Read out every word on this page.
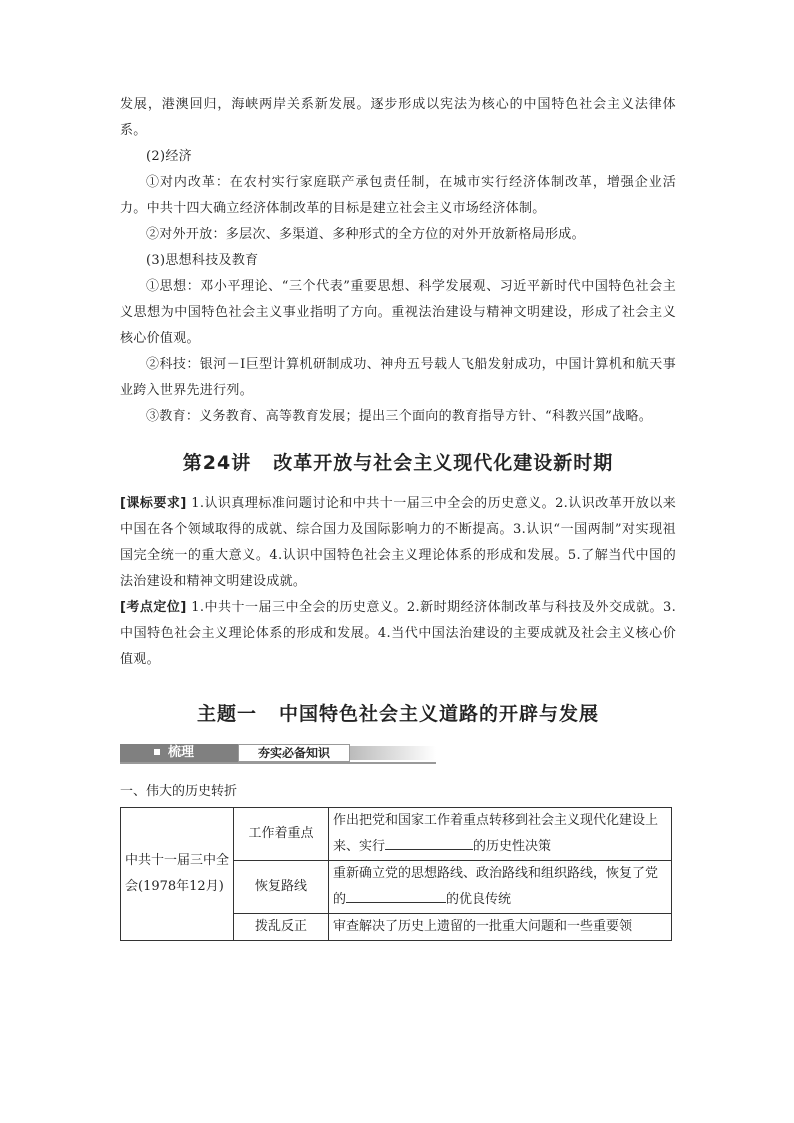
发展，港澳回归，海峡两岸关系新发展。逐步形成以宪法为核心的中国特色社会主义法律体系。

(2)经济

①对内改革：在农村实行家庭联产承包责任制，在城市实行经济体制改革，增强企业活力。中共十四大确立经济体制改革的目标是建立社会主义市场经济体制。

②对外开放：多层次、多渠道、多种形式的全方位的对外开放新格局形成。

(3)思想科技及教育

①思想：邓小平理论、“三个代表”重要思想、科学发展观、习近平新时代中国特色社会主义思想为中国特色社会主义事业指明了方向。重视法治建设与精神文明建设，形成了社会主义核心价值观。

②科技：银河－Ⅰ巨型计算机研制成功、神舟五号载人飞船发射成功，中国计算机和航天事业跨入世界先进行列。

③教育：义务教育、高等教育发展；提出三个面向的教育指导方针、“科教兴国”战略。

第24讲 改革开放与社会主义现代化建设新时期

[课标要求] 1.认识真理标准问题讨论和中共十一届三中全会的历史意义。2.认识改革开放以来中国在各个领域取得的成就、综合国力及国际影响力的不断提高。3.认识“一国两制”对实现祖国完全统一的重大意义。4.认识中国特色社会主义理论体系的形成和发展。5.了解当代中国的法治建设和精神文明建设成就。

[考点定位] 1.中共十一届三中全会的历史意义。2.新时期经济体制改革与科技及外交成就。3.中国特色社会主义理论体系的形成和发展。4.当代中国法治建设的主要成就及社会主义核心价值观。

主题一 中国特色社会主义道路的开辟与发展

梳理	夯实必备知识

一、伟大的历史转折

中共十一届三中全会(1978年12月)	工作着重点	作出把党和国家工作着重点转移到社会主义现代化建设上来、实行 的历史性决策
	恢复路线	重新确立党的思想路线、政治路线和组织路线，恢复了党的 的优良传统
	拨乱反正	审查解决了历史上遗留的一批重大问题和一些重要领
